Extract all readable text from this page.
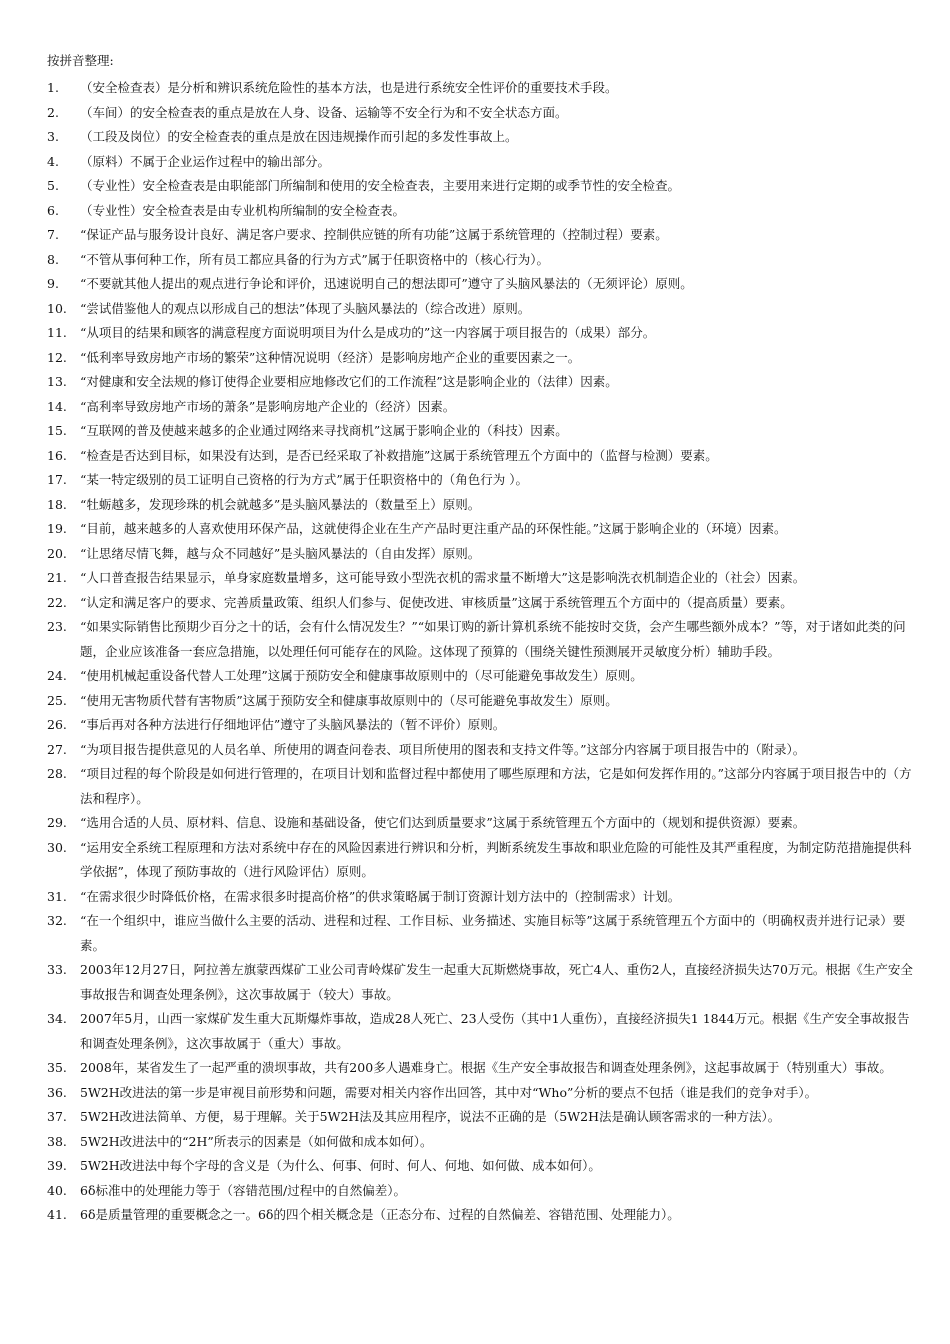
按拼音整理:
1.	（安全检查表）是分析和辨识系统危险性的基本方法，也是进行系统安全性评价的重要技术手段。
2.	（车间）的安全检查表的重点是放在人身、设备、运输等不安全行为和不安全状态方面。
3.	（工段及岗位）的安全检查表的重点是放在因违规操作而引起的多发性事故上。
4.	（原料）不属于企业运作过程中的输出部分。
5.	（专业性）安全检查表是由职能部门所编制和使用的安全检查表，主要用来进行定期的或季节性的安全检查。
6.	（专业性）安全检查表是由专业机构所编制的安全检查表。
7.	“保证产品与服务设计良好、满足客户要求、控制供应链的所有功能”这属于系统管理的（控制过程）要素。
8.	“不管从事何种工作，所有员工都应具备的行为方式”属于任职资格中的（核心行为）。
9.	“不要就其他人提出的观点进行争论和评价，迅速说明自己的想法即可”遵守了头脑风暴法的（无须评论）原则。
10.	“尝试借鉴他人的观点以形成自己的想法”体现了头脑风暴法的（综合改进）原则。
11.	“从项目的结果和顾客的满意程度方面说明项目为什么是成功的”这一内容属于项目报告的（成果）部分。
12.	“低利率导致房地产市场的繁荣”这种情况说明（经济）是影响房地产企业的重要因素之一。
13.	“对健康和安全法规的修订使得企业要相应地修改它们的工作流程”这是影响企业的（法律）因素。
14.	“高利率导致房地产市场的萧条”是影响房地产企业的（经济）因素。
15.	“互联网的普及使越来越多的企业通过网络来寻找商机”这属于影响企业的（科技）因素。
16.	“检查是否达到目标，如果没有达到，是否已经采取了补救措施”这属于系统管理五个方面中的（监督与检测）要素。
17.	“某一特定级别的员工证明自己资格的行为方式”属于任职资格中的（角色行为 ）。
18.	“牡蛎越多，发现珍珠的机会就越多”是头脑风暴法的（数量至上）原则。
19.	“目前，越来越多的人喜欢使用环保产品，这就使得企业在生产产品时更注重产品的环保性能。”这属于影响企业的（环境）因素。
20.	“让思绪尽情飞舞，越与众不同越好”是头脑风暴法的（自由发挥）原则。
21.	“人口普查报告结果显示，单身家庭数量增多，这可能导致小型洗衣机的需求量不断增大”这是影响洗衣机制造企业的（社会）因素。
22.	“认定和满足客户的要求、完善质量政策、组织人们参与、促使改进、审核质量”这属于系统管理五个方面中的（提高质量）要素。
23.	“如果实际销售比预期少百分之十的话，会有什么情况发生？”“如果订购的新计算机系统不能按时交货，会产生哪些额外成本？”等，对于诸如此类的问题，企业应该准备一套应急措施，以处理任何可能存在的风险。这体现了预算的（围绕关键性预测展开灵敏度分析）辅助手段。
24.	“使用机械起重设备代替人工处理”这属于预防安全和健康事故原则中的（尽可能避免事故发生）原则。
25.	“使用无害物质代替有害物质”这属于预防安全和健康事故原则中的（尽可能避免事故发生）原则。
26.	“事后再对各种方法进行仔细地评估”遵守了头脑风暴法的（暂不评价）原则。
27.	“为项目报告提供意见的人员名单、所使用的调查问卷表、项目所使用的图表和支持文件等。”这部分内容属于项目报告中的（附录）。
28.	“项目过程的每个阶段是如何进行管理的，在项目计划和监督过程中都使用了哪些原理和方法，它是如何发挥作用的。”这部分内容属于项目报告中的（方法和程序）。
29.	“选用合适的人员、原材料、信息、设施和基础设备，使它们达到质量要求”这属于系统管理五个方面中的（规划和提供资源）要素。
30.	“运用安全系统工程原理和方法对系统中存在的风险因素进行辨识和分析，判断系统发生事故和职业危险的可能性及其严重程度，为制定防范措施提供科学依据”，体现了预防事故的（进行风险评估）原则。
31.	“在需求很少时降低价格，在需求很多时提高价格”的供求策略属于制订资源计划方法中的（控制需求）计划。
32.	“在一个组织中，谁应当做什么主要的活动、进程和过程、工作目标、业务描述、实施目标等”这属于系统管理五个方面中的（明确权责并进行记录）要素。
33.	2003年12月27日，阿拉善左旗蒙西煤矿工业公司青岭煤矿发生一起重大瓦斯燃烧事故，死亡4人、重伤2人，直接经济损失达70万元。根据《生产安全事故报告和调查处理条例》，这次事故属于（较大）事故。
34.	2007年5月，山西一家煤矿发生重大瓦斯爆炸事故，造成28人死亡、23人受伤（其中1人重伤），直接经济损失1 1844万元。根据《生产安全事故报告和调查处理条例》，这次事故属于（重大）事故。
35.	2008年，某省发生了一起严重的溃坝事故，共有200多人遇难身亡。根据《生产安全事故报告和调查处理条例》，这起事故属于（特别重大）事故。
36.	5W2H改进法的第一步是审视目前形势和问题，需要对相关内容作出回答，其中对“Who”分析的要点不包括（谁是我们的竞争对手）。
37.	5W2H改进法简单、方便，易于理解。关于5W2H法及其应用程序，说法不正确的是（5W2H法是确认顾客需求的一种方法）。
38.	5W2H改进法中的“2H”所表示的因素是（如何做和成本如何）。
39.	5W2H改进法中每个字母的含义是（为什么、何事、何时、何人、何地、如何做、成本如何）。
40.	6δ标准中的处理能力等于（容错范围/过程中的自然偏差）。
41.	6δ是质量管理的重要概念之一。6δ的四个相关概念是（正态分布、过程的自然偏差、容错范围、处理能力）。
